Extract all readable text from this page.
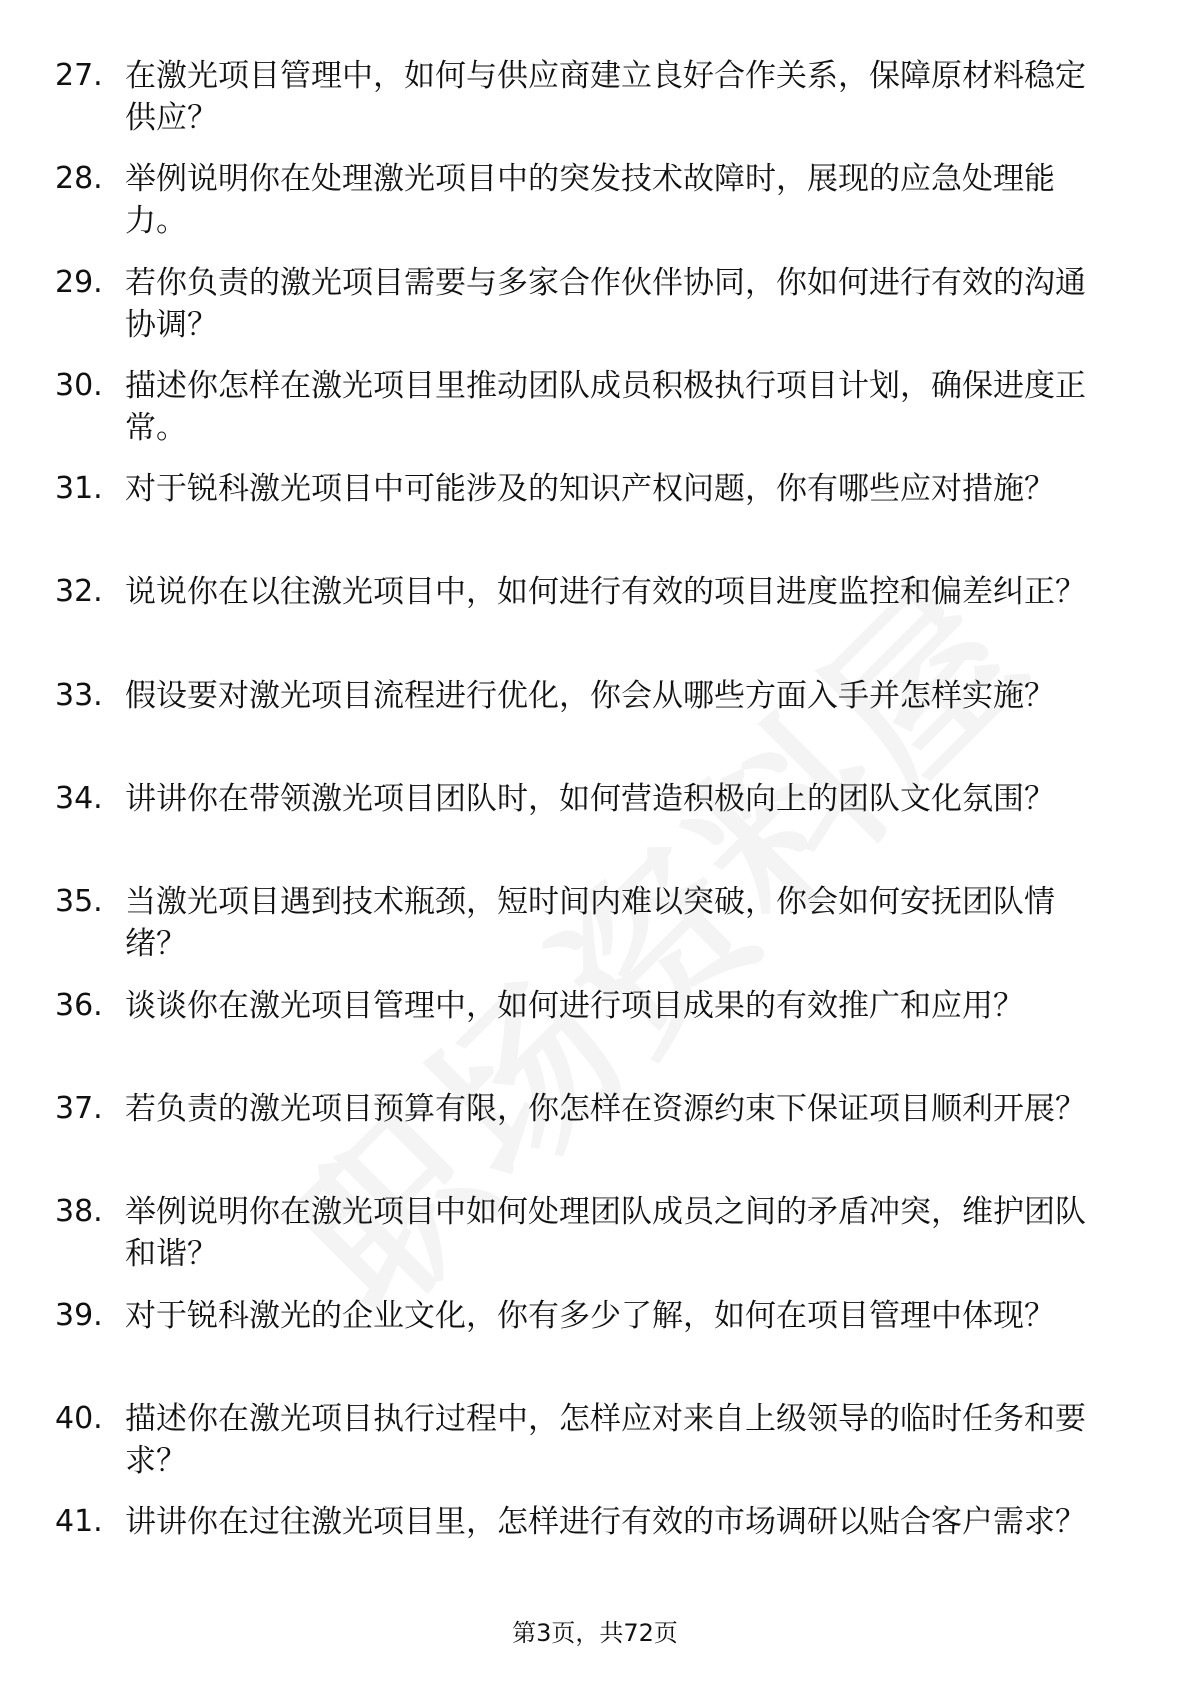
27. 在激光项目管理中，如何与供应商建立良好合作关系，保障原材料稳定供应？
28. 举例说明你在处理激光项目中的突发技术故障时，展现的应急处理能力。
29. 若你负责的激光项目需要与多家合作伙伴协同，你如何进行有效的沟通协调？
30. 描述你怎样在激光项目里推动团队成员积极执行项目计划，确保进度正常。
31. 对于锐科激光项目中可能涉及的知识产权问题，你有哪些应对措施？
32. 说说你在以往激光项目中，如何进行有效的项目进度监控和偏差纠正？
33. 假设要对激光项目流程进行优化，你会从哪些方面入手并怎样实施？
34. 讲讲你在带领激光项目团队时，如何营造积极向上的团队文化氛围？
35. 当激光项目遇到技术瓶颈，短时间内难以突破，你会如何安抚团队情绪？
36. 谈谈你在激光项目管理中，如何进行项目成果的有效推广和应用？
37. 若负责的激光项目预算有限，你怎样在资源约束下保证项目顺利开展？
38. 举例说明你在激光项目中如何处理团队成员之间的矛盾冲突，维护团队和谐？
39. 对于锐科激光的企业文化，你有多少了解，如何在项目管理中体现？
40. 描述你在激光项目执行过程中，怎样应对来自上级领导的临时任务和要求？
41. 讲讲你在过往激光项目里，怎样进行有效的市场调研以贴合客户需求？
第3页，共72页
